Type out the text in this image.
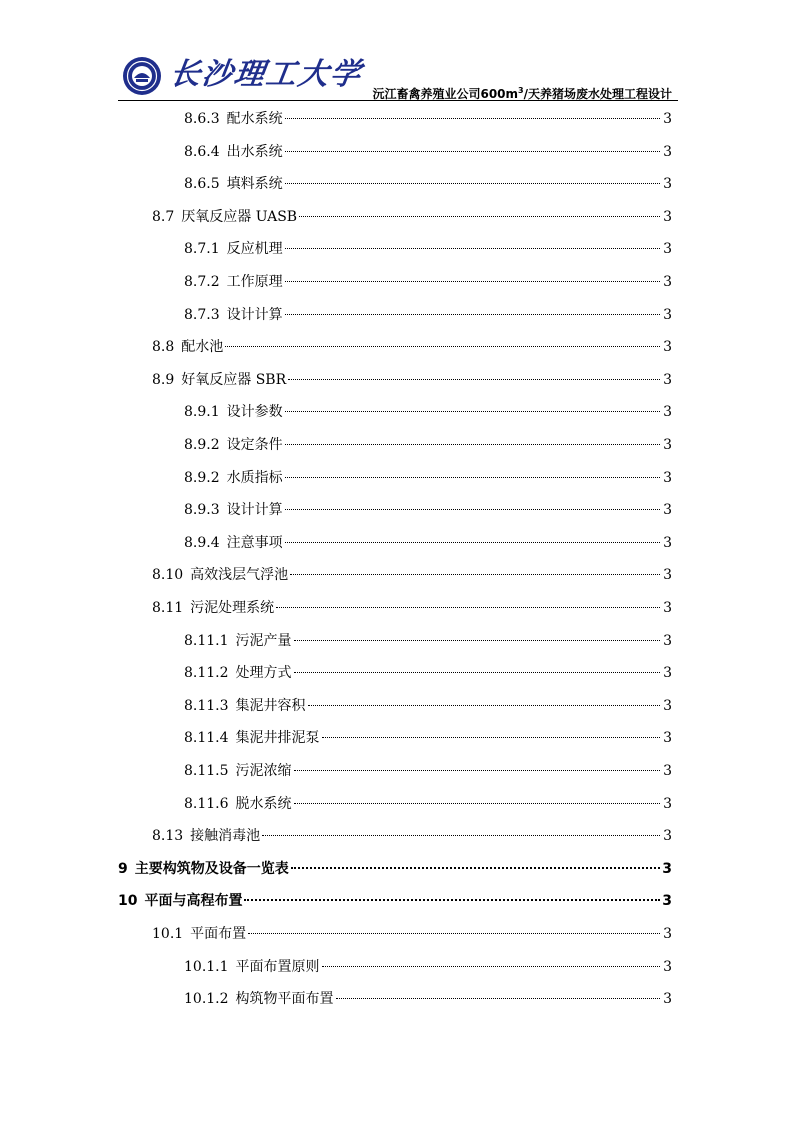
长沙理工大学
沅江畜禽养殖业公司$600m^3/$天养猪场废水处理工程设计
8.6.3 配水系统	3
8.6.4 出水系统	3
8.6.5 填料系统	3
8.7 厌氧反应器 UASB	3
8.7.1 反应机理	3
8.7.2 工作原理	3
8.7.3 设计计算	3
8.8 配水池	3
8.9 好氧反应器 SBR	3
8.9.1 设计参数	3
8.9.2 设定条件	3
8.9.2 水质指标	3
8.9.3 设计计算	3
8.9.4 注意事项	3
8.10 高效浅层气浮池	3
8.11 污泥处理系统	3
8.11.1 污泥产量	3
8.11.2 处理方式	3
8.11.3 集泥井容积	3
8.11.4 集泥井排泥泵	3
8.11.5 污泥浓缩	3
8.11.6 脱水系统	3
8.13 接触消毒池	3
9 主要构筑物及设备一览表	3
10 平面与高程布置	3
10.1 平面布置	3
10.1.1 平面布置原则	3
10.1.2 构筑物平面布置	3
